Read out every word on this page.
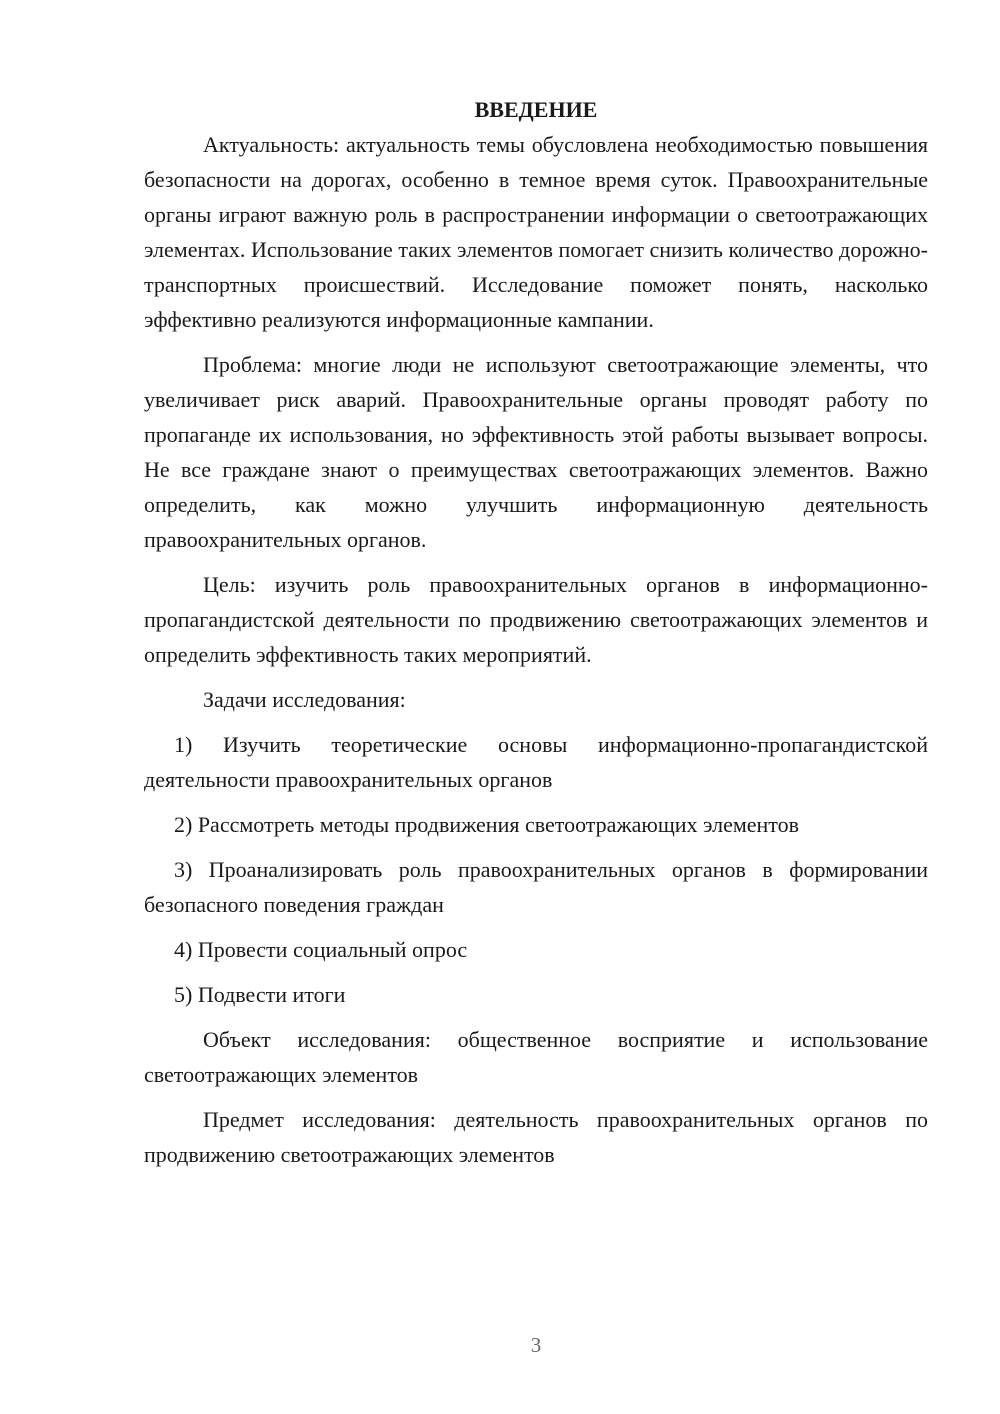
ВВЕДЕНИЕ

Актуальность: актуальность темы обусловлена необходимостью повышения безопасности на дорогах, особенно в темное время суток. Правоохранительные органы играют важную роль в распространении информации о светоотражающих элементах. Использование таких элементов помогает снизить количество дорожно-транспортных происшествий. Исследование поможет понять, насколько эффективно реализуются информационные кампании.

Проблема: многие люди не используют светоотражающие элементы, что увеличивает риск аварий. Правоохранительные органы проводят работу по пропаганде их использования, но эффективность этой работы вызывает вопросы. Не все граждане знают о преимуществах светоотражающих элементов. Важно определить, как можно улучшить информационную деятельность правоохранительных органов.

Цель: изучить роль правоохранительных органов в информационно-пропагандистской деятельности по продвижению светоотражающих элементов и определить эффективность таких мероприятий.

Задачи исследования:

1) Изучить теоретические основы информационно-пропагандистской деятельности правоохранительных органов

2) Рассмотреть методы продвижения светоотражающих элементов

3) Проанализировать роль правоохранительных органов в формировании безопасного поведения граждан

4) Провести социальный опрос

5) Подвести итоги

Объект исследования: общественное восприятие и использование светоотражающих элементов

Предмет исследования: деятельность правоохранительных органов по продвижению светоотражающих элементов

3
